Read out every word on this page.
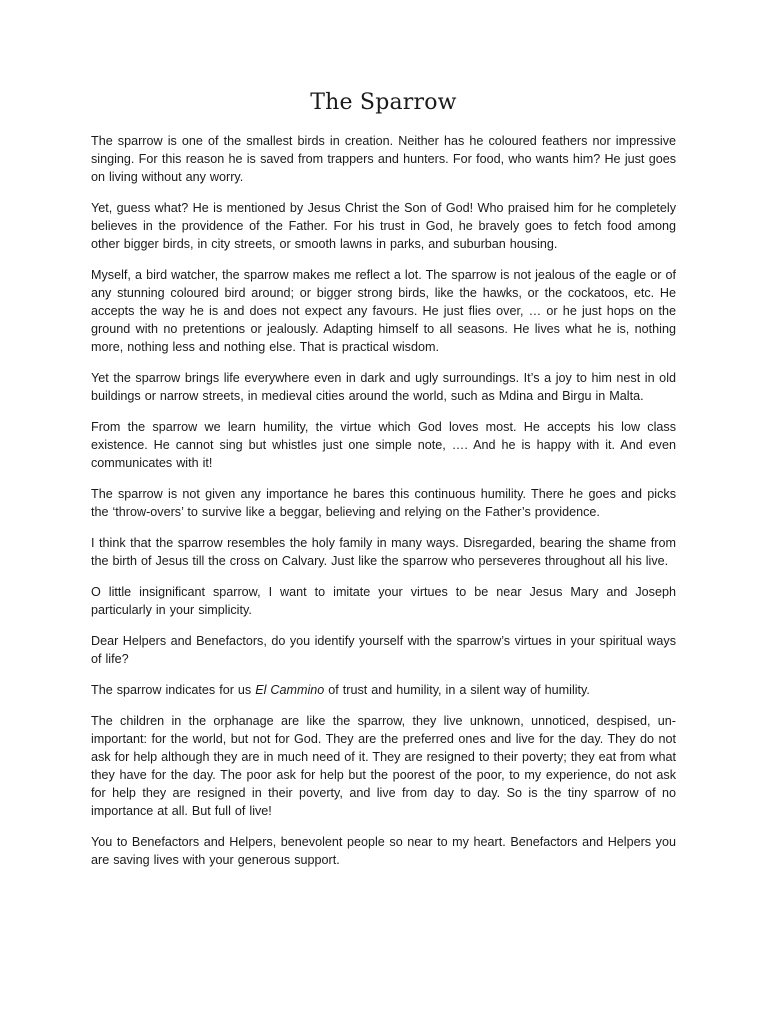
The Sparrow

The sparrow is one of the smallest birds in creation. Neither has he coloured feathers nor impressive singing. For this reason he is saved from trappers and hunters. For food, who wants him? He just goes on living without any worry.

Yet, guess what? He is mentioned by Jesus Christ the Son of God! Who praised him for he completely believes in the providence of the Father. For his trust in God, he bravely goes to fetch food among other bigger birds, in city streets, or smooth lawns in parks, and suburban housing.

Myself, a bird watcher, the sparrow makes me reflect a lot. The sparrow is not jealous of the eagle or of any stunning coloured bird around; or bigger strong birds, like the hawks, or the cockatoos, etc. He accepts the way he is and does not expect any favours. He just flies over, … or he just hops on the ground with no pretentions or jealously. Adapting himself to all seasons. He lives what he is, nothing more, nothing less and nothing else. That is practical wisdom.

Yet the sparrow brings life everywhere even in dark and ugly surroundings. It’s a joy to him nest in old buildings or narrow streets, in medieval cities around the world, such as Mdina and Birgu in Malta.

From the sparrow we learn humility, the virtue which God loves most. He accepts his low class existence. He cannot sing but whistles just one simple note, …. And he is happy with it. And even communicates with it!

The sparrow is not given any importance he bares this continuous humility. There he goes and picks the ‘throw-overs’ to survive like a beggar, believing and relying on the Father’s providence.

I think that the sparrow resembles the holy family in many ways. Disregarded, bearing the shame from the birth of Jesus till the cross on Calvary. Just like the sparrow who perseveres throughout all his live.

O little insignificant sparrow, I want to imitate your virtues to be near Jesus Mary and Joseph particularly in your simplicity.

Dear Helpers and Benefactors, do you identify yourself with the sparrow’s virtues in your spiritual ways of life?

The sparrow indicates for us El Cammino of trust and humility, in a silent way of humility.

The children in the orphanage are like the sparrow, they live unknown, unnoticed, despised, un-important: for the world, but not for God. They are the preferred ones and live for the day. They do not ask for help although they are in much need of it. They are resigned to their poverty; they eat from what they have for the day. The poor ask for help but the poorest of the poor, to my experience, do not ask for help they are resigned in their poverty, and live from day to day. So is the tiny sparrow of no importance at all. But full of live!

You to Benefactors and Helpers, benevolent people so near to my heart. Benefactors and Helpers you are saving lives with your generous support.
